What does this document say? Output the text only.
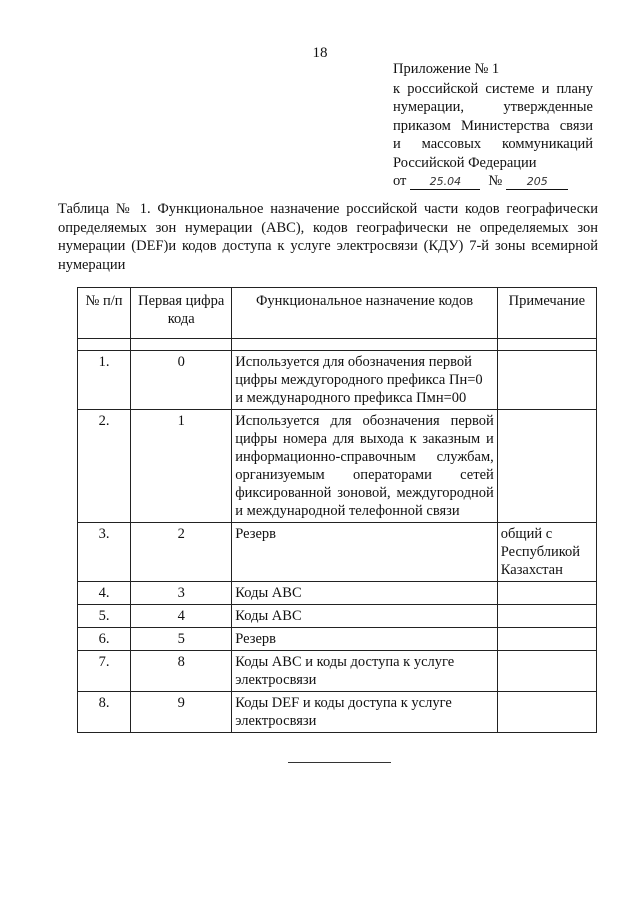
18
Приложение № 1
к российской системе и плану
нумерации, утвержденные
приказом Министерства связи
и массовых коммуникаций
Российской Федерации
от	25.04	№	205
Таблица № 1. Функциональное назначение российской части кодов географически определяемых зон нумерации (ABC), кодов географически не определяемых зон нумерации (DEF)и кодов доступа к услуге электросвязи (КДУ) 7-й зоны всемирной нумерации
№ п/п	Первая цифра кода	Функциональное назначение кодов	Примечание

1.	0	Используется для обозначения первой цифры междугородного префикса Пн=0 и международного префикса Пмн=00	
2.	1	Используется для обозначения первой цифры номера для выхода к заказным и информационно-справочным службам, организуемым операторами сетей фиксированной зоновой, междугородной и международной телефонной связи	
3.	2	Резерв	общий с Республикой Казахстан
4.	3	Коды ABC	
5.	4	Коды ABC	
6.	5	Резерв	
7.	8	Коды ABC и коды доступа к услуге электросвязи	
8.	9	Коды DEF и коды доступа к услуге электросвязи	
